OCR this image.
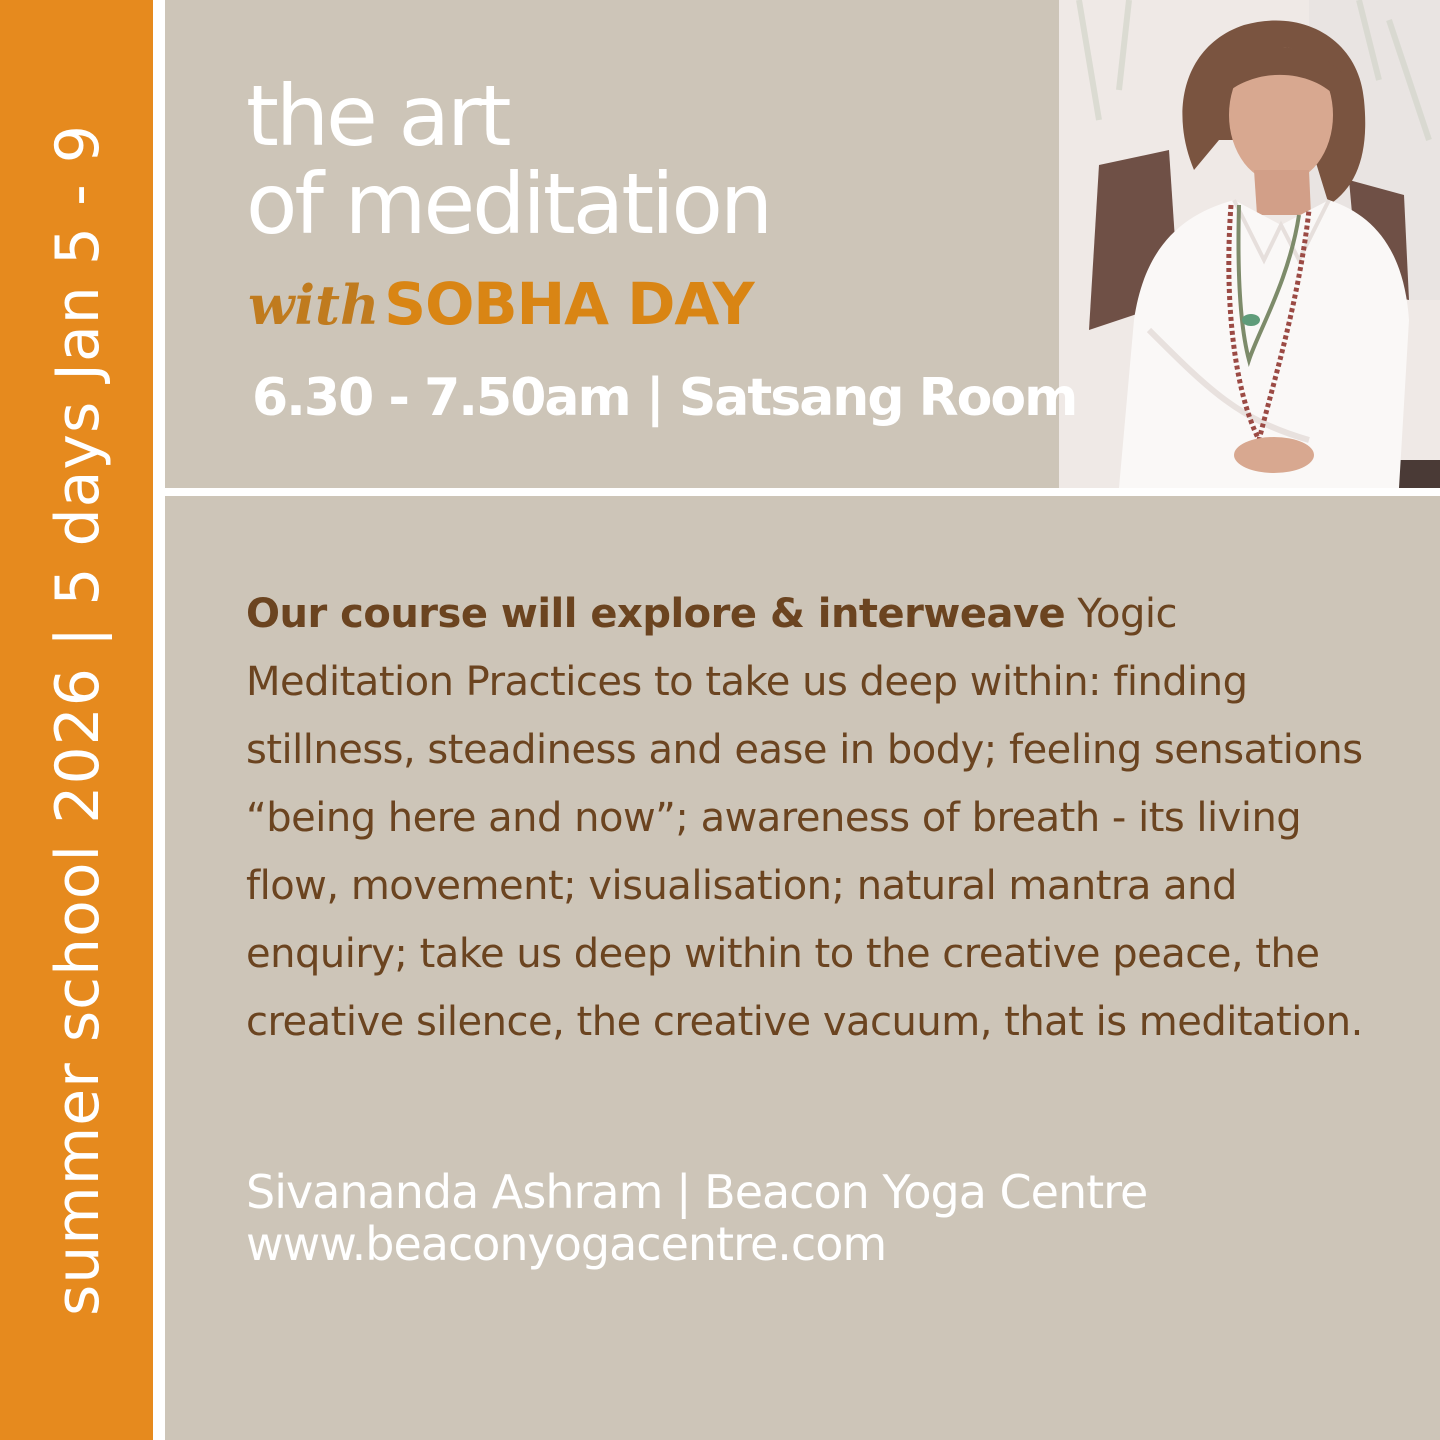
summer school 2026 | 5 days Jan 5 - 9
the art
of meditation
with SOBHA DAY
6.30 - 7.50am | Satsang Room

Our course will explore & interweave Yogic Meditation Practices to take us deep within: finding stillness, steadiness and ease in body; feeling sensations “being here and now”; awareness of breath - its living flow, movement; visualisation; natural mantra and enquiry; take us deep within to the creative peace, the creative silence, the creative vacuum, that is meditation.

Sivananda Ashram | Beacon Yoga Centre
www.beaconyogacentre.com
